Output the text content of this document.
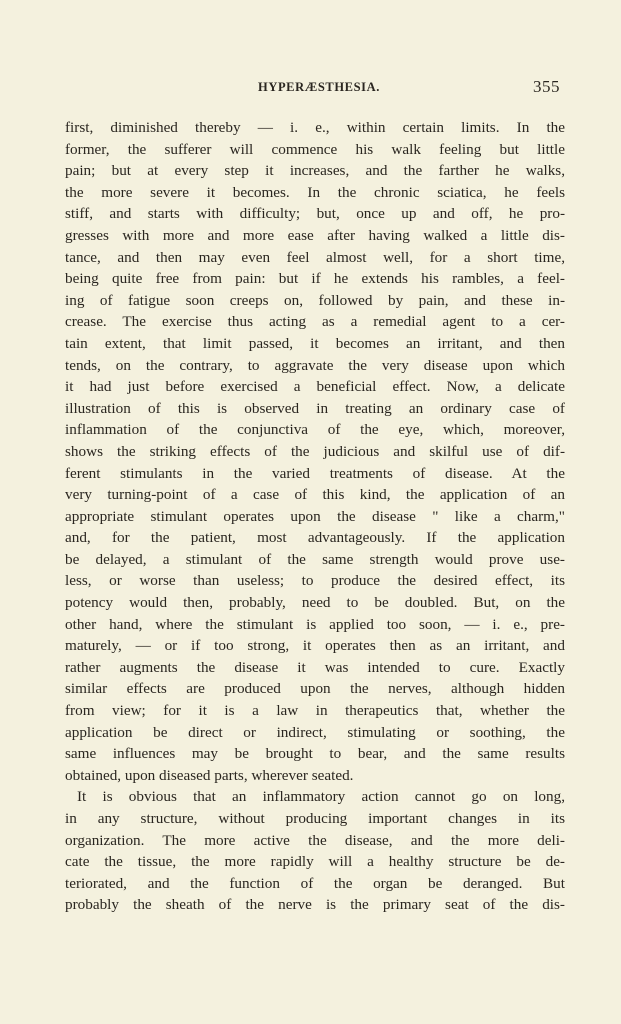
HYPERÆSTHESIA.	355
first, diminished thereby — i. e., within certain limits. In the
former, the sufferer will commence his walk feeling but little
pain; but at every step it increases, and the farther he walks,
the more severe it becomes. In the chronic sciatica, he feels
stiff, and starts with difficulty; but, once up and off, he pro-
gresses with more and more ease after having walked a little dis-
tance, and then may even feel almost well, for a short time,
being quite free from pain: but if he extends his rambles, a feel-
ing of fatigue soon creeps on, followed by pain, and these in-
crease. The exercise thus acting as a remedial agent to a cer-
tain extent, that limit passed, it becomes an irritant, and then
tends, on the contrary, to aggravate the very disease upon which
it had just before exercised a beneficial effect. Now, a delicate
illustration of this is observed in treating an ordinary case of
inflammation of the conjunctiva of the eye, which, moreover,
shows the striking effects of the judicious and skilful use of dif-
ferent stimulants in the varied treatments of disease. At the
very turning-point of a case of this kind, the application of an
appropriate stimulant operates upon the disease " like a charm,"
and, for the patient, most advantageously. If the application
be delayed, a stimulant of the same strength would prove use-
less, or worse than useless; to produce the desired effect, its
potency would then, probably, need to be doubled. But, on the
other hand, where the stimulant is applied too soon, — i. e., pre-
maturely, — or if too strong, it operates then as an irritant, and
rather augments the disease it was intended to cure. Exactly
similar effects are produced upon the nerves, although hidden
from view; for it is a law in therapeutics that, whether the
application be direct or indirect, stimulating or soothing, the
same influences may be brought to bear, and the same results
obtained, upon diseased parts, wherever seated.
It is obvious that an inflammatory action cannot go on long,
in any structure, without producing important changes in its
organization. The more active the disease, and the more deli-
cate the tissue, the more rapidly will a healthy structure be de-
teriorated, and the function of the organ be deranged. But
probably the sheath of the nerve is the primary seat of the dis-
